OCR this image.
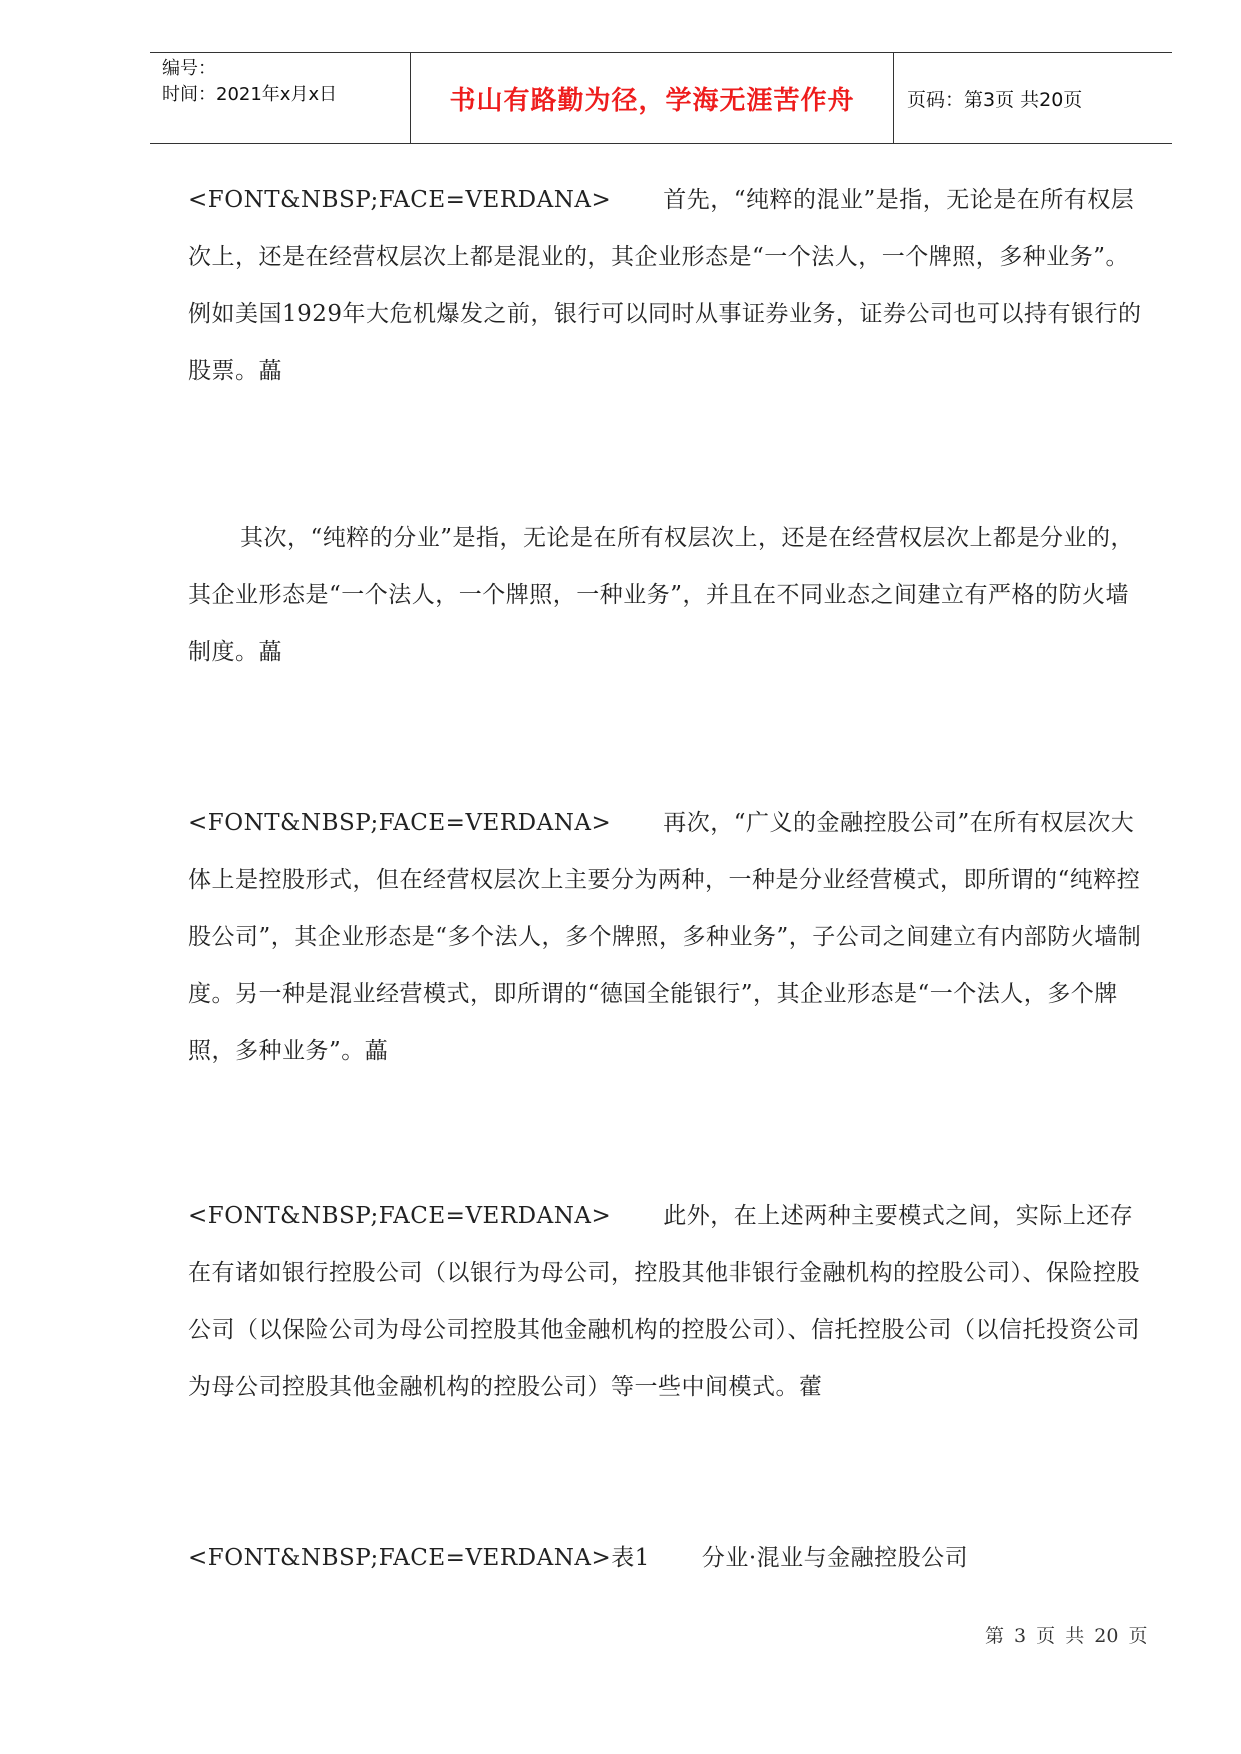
编号：
时间：2021年x月x日	书山有路勤为径，学海无涯苦作舟	页码：第3页 共20页
<FONT&NBSP;FACE=VERDANA> 首先，“纯粹的混业”是指，无论是在所有权层次上，还是在经营权层次上都是混业的，其企业形态是“一个法人，一个牌照，多种业务”。例如美国1929年大危机爆发之前，银行可以同时从事证券业务，证券公司也可以持有银行的股票。藟
其次，“纯粹的分业”是指，无论是在所有权层次上，还是在经营权层次上都是分业的，其企业形态是“一个法人，一个牌照，一种业务”，并且在不同业态之间建立有严格的防火墙制度。藟
<FONT&NBSP;FACE=VERDANA> 再次，“广义的金融控股公司”在所有权层次大体上是控股形式，但在经营权层次上主要分为两种，一种是分业经营模式，即所谓的“纯粹控股公司”，其企业形态是“多个法人，多个牌照，多种业务”，子公司之间建立有内部防火墙制度。另一种是混业经营模式，即所谓的“德国全能银行”，其企业形态是“一个法人，多个牌照，多种业务”。藟
<FONT&NBSP;FACE=VERDANA> 此外，在上述两种主要模式之间，实际上还存在有诸如银行控股公司（以银行为母公司，控股其他非银行金融机构的控股公司）、保险控股公司（以保险公司为母公司控股其他金融机构的控股公司）、信托控股公司（以信托投资公司为母公司控股其他金融机构的控股公司）等一些中间模式。藿
<FONT&NBSP;FACE=VERDANA>表1 分业·混业与金融控股公司
第 3 页 共 20 页
